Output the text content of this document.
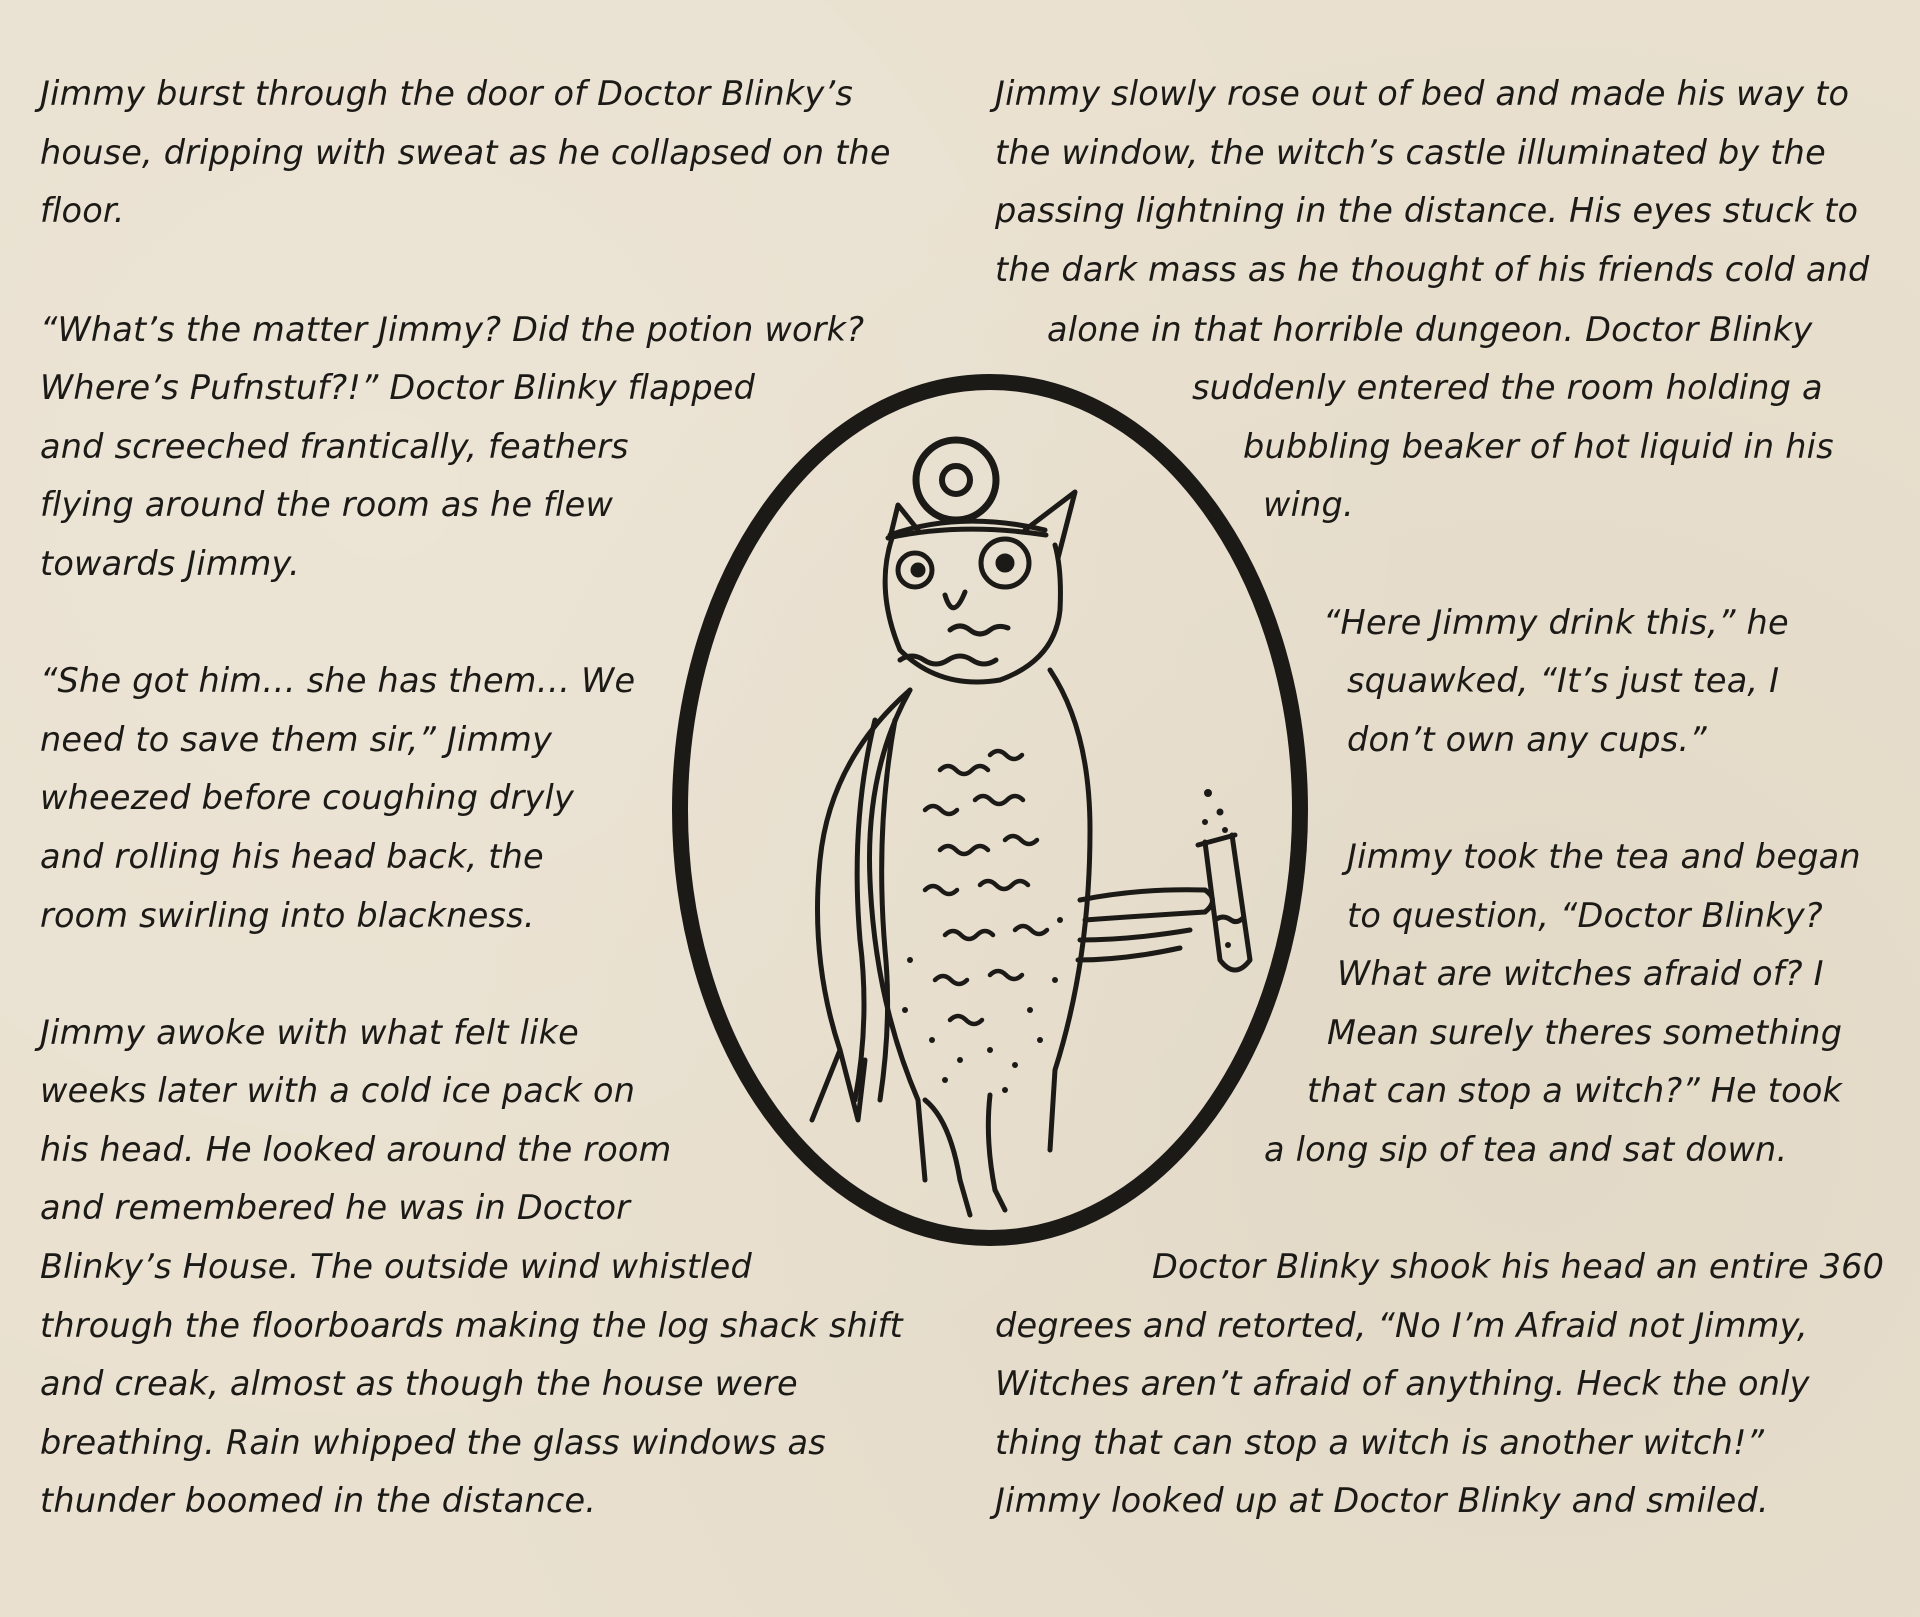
Jimmy burst through the door of Doctor Blinky’s

house, dripping with sweat as he collapsed on the

floor.

“What’s the matter Jimmy? Did the potion work?

Where’s Pufnstuf?!” Doctor Blinky flapped

and screeched frantically, feathers

flying around the room as he flew

towards Jimmy.

“She got him… she has them… We

need to save them sir,” Jimmy

wheezed before coughing dryly

and rolling his head back, the

room swirling into blackness.

Jimmy awoke with what felt like

weeks later with a cold ice pack on

his head. He looked around the room

and remembered he was in Doctor

Blinky’s House. The outside wind whistled

through the floorboards making the log shack shift

and creak, almost as though the house were

breathing. Rain whipped the glass windows as

thunder boomed in the distance.

Jimmy slowly rose out of bed and made his way to

the window, the witch’s castle illuminated by the

passing lightning in the distance. His eyes stuck to

the dark mass as he thought of his friends cold and

alone in that horrible dungeon. Doctor Blinky

suddenly entered the room holding a

bubbling beaker of hot liquid in his

wing.

“Here Jimmy drink this,” he

squawked, “It’s just tea, I

don’t own any cups.”

Jimmy took the tea and began

to question, “Doctor Blinky?

What are witches afraid of? I

Mean surely theres something

that can stop a witch?” He took

a long sip of tea and sat down.

Doctor Blinky shook his head an entire 360

degrees and retorted, “No I’m Afraid not Jimmy,

Witches aren’t afraid of anything. Heck the only

thing that can stop a witch is another witch!”

Jimmy looked up at Doctor Blinky and smiled.
